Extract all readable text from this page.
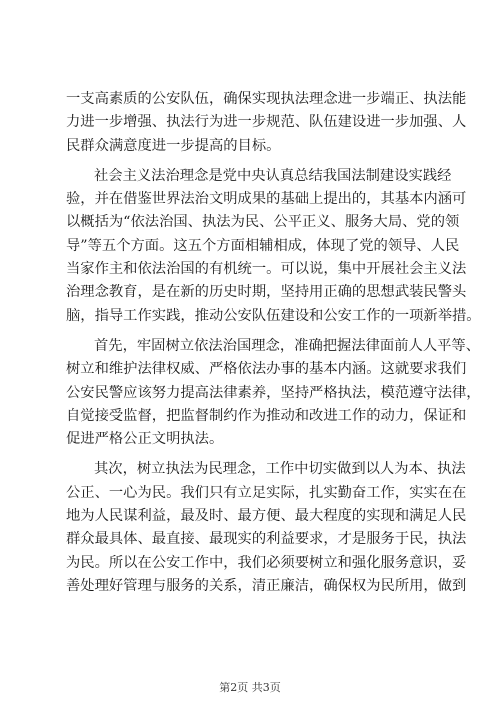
一支高素质的公安队伍，确保实现执法理念进一步端正、执法能
力进一步增强、执法行为进一步规范、队伍建设进一步加强、人
民群众满意度进一步提高的目标。
社会主义法治理念是党中央认真总结我国法制建设实践经
验，并在借鉴世界法治文明成果的基础上提出的，其基本内涵可
以概括为“依法治国、执法为民、公平正义、服务大局、党的领
导”等五个方面。这五个方面相辅相成，体现了党的领导、人民
当家作主和依法治国的有机统一。可以说，集中开展社会主义法
治理念教育，是在新的历史时期，坚持用正确的思想武装民警头
脑，指导工作实践，推动公安队伍建设和公安工作的一项新举措。
首先，牢固树立依法治国理念，准确把握法律面前人人平等、
树立和维护法律权威、严格依法办事的基本内涵。这就要求我们
公安民警应该努力提高法律素养，坚持严格执法，模范遵守法律，
自觉接受监督，把监督制约作为推动和改进工作的动力，保证和
促进严格公正文明执法。
其次，树立执法为民理念，工作中切实做到以人为本、执法
公正、一心为民。我们只有立足实际，扎实勤奋工作，实实在在
地为人民谋利益，最及时、最方便、最大程度的实现和满足人民
群众最具体、最直接、最现实的利益要求，才是服务于民，执法
为民。所以在公安工作中，我们必须要树立和强化服务意识，妥
善处理好管理与服务的关系，清正廉洁，确保权为民所用，做到
第2页 共3页
